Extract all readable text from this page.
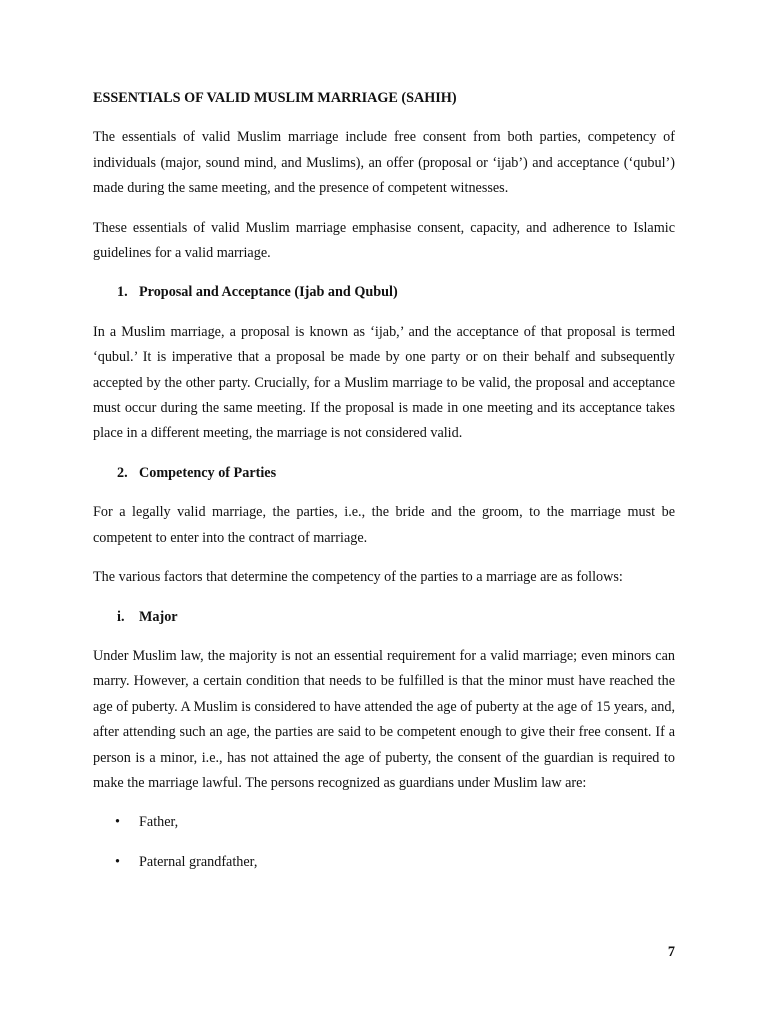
ESSENTIALS OF VALID MUSLIM MARRIAGE (SAHIH)

The essentials of valid Muslim marriage include free consent from both parties, competency of individuals (major, sound mind, and Muslims), an offer (proposal or ‘ijab’) and acceptance (‘qubul’) made during the same meeting, and the presence of competent witnesses.

These essentials of valid Muslim marriage emphasise consent, capacity, and adherence to Islamic guidelines for a valid marriage.

1. Proposal and Acceptance (Ijab and Qubul)

In a Muslim marriage, a proposal is known as ‘ijab,’ and the acceptance of that proposal is termed ‘qubul.’ It is imperative that a proposal be made by one party or on their behalf and subsequently accepted by the other party. Crucially, for a Muslim marriage to be valid, the proposal and acceptance must occur during the same meeting. If the proposal is made in one meeting and its acceptance takes place in a different meeting, the marriage is not considered valid.

2. Competency of Parties

For a legally valid marriage, the parties, i.e., the bride and the groom, to the marriage must be competent to enter into the contract of marriage.

The various factors that determine the competency of the parties to a marriage are as follows:

i.	Major

Under Muslim law, the majority is not an essential requirement for a valid marriage; even minors can marry. However, a certain condition that needs to be fulfilled is that the minor must have reached the age of puberty. A Muslim is considered to have attended the age of puberty at the age of 15 years, and, after attending such an age, the parties are said to be competent enough to give their free consent. If a person is a minor, i.e., has not attained the age of puberty, the consent of the guardian is required to make the marriage lawful. The persons recognized as guardians under Muslim law are:

•	Father,
•	Paternal grandfather,
7
